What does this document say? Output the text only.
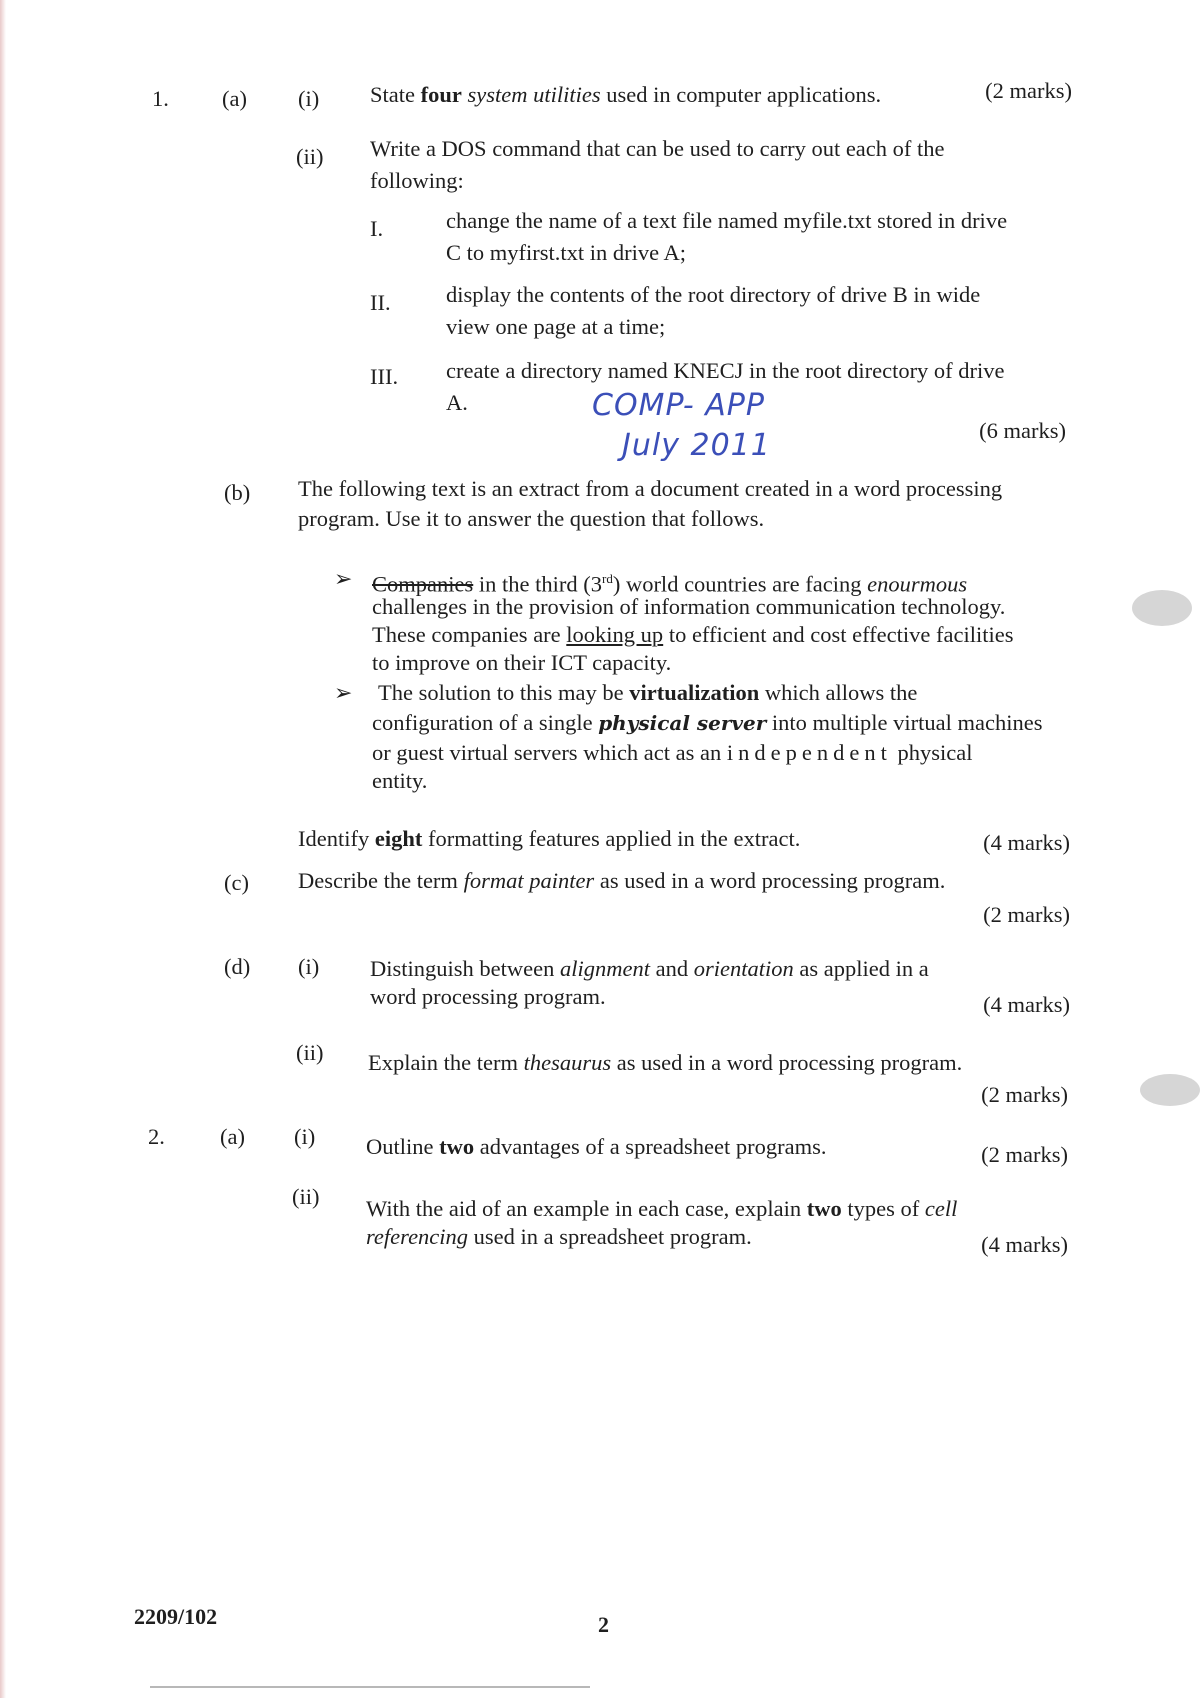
1. (a) (i) State four system utilities used in computer applications.	(2 marks)
(ii) Write a DOS command that can be used to carry out each of the
following:
I.	change the name of a text file named myfile.txt stored in drive
C to myfirst.txt in drive A;
II. display the contents of the root directory of drive B in wide
view one page at a time;
III. create a directory named KNECJ in the root directory of drive
A.	COMP- APP
July 2011	(6 marks)
(b) The following text is an extract from a document created in a word processing
program. Use it to answer the question that follows.
➢ Companies in the third (3rd) world countries are facing enourmous
challenges in the provision of information communication technology.
These companies are looking up to efficient and cost effective facilities
to improve on their ICT capacity.
➢ The solution to this may be virtualization which allows the
configuration of a single physical server into multiple virtual machines
or guest virtual servers which act as an independent physical
entity.
Identify eight formatting features applied in the extract.	(4 marks)
(c) Describe the term format painter as used in a word processing program.
(2 marks)
(d) (i) Distinguish between alignment and orientation as applied in a
word processing program.	(4 marks)
(ii) Explain the term thesaurus as used in a word processing program.
(2 marks)
2. (a) (i) Outline two advantages of a spreadsheet programs.	(2 marks)
(ii) With the aid of an example in each case, explain two types of cell
referencing used in a spreadsheet program.	(4 marks)
2209/102	2
